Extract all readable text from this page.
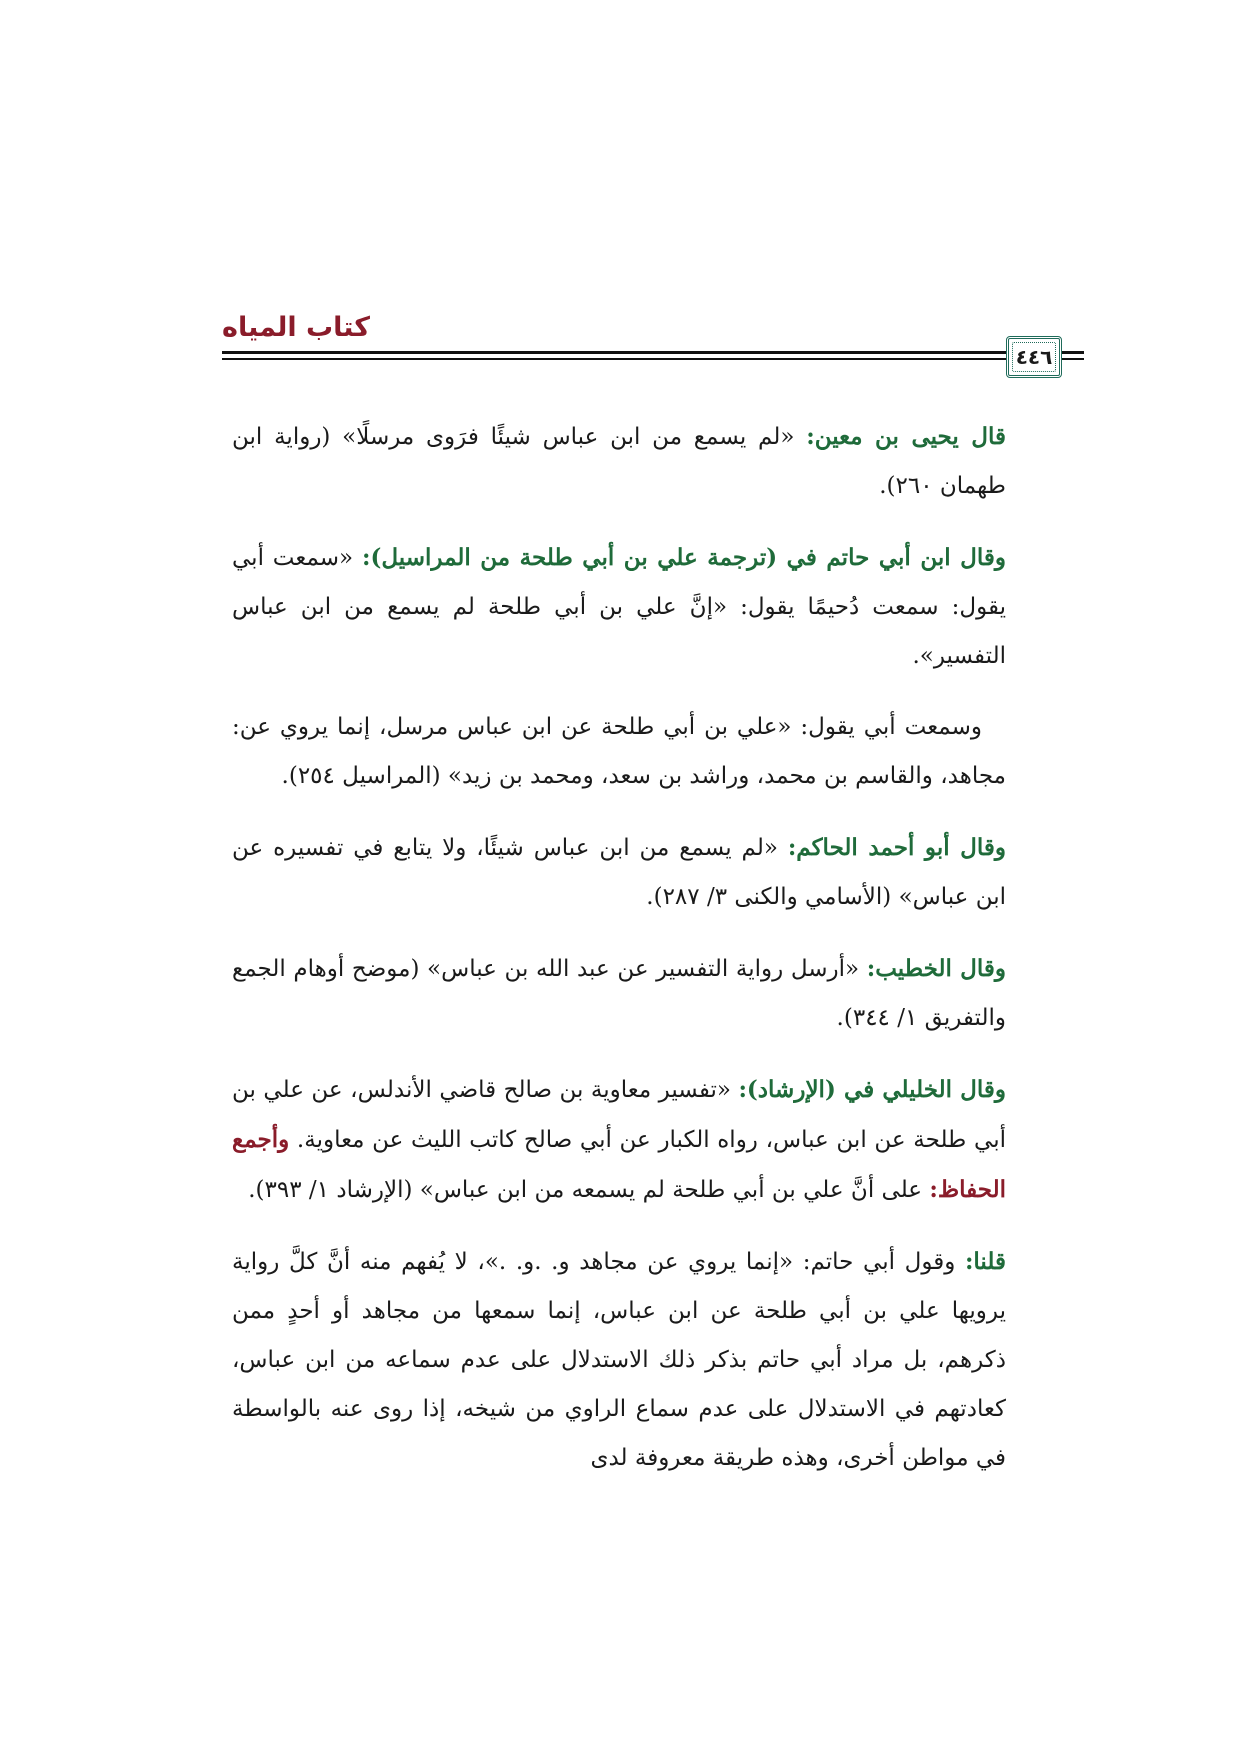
كتاب المياه
٤٤٦

قال يحيى بن معين: «لم يسمع من ابن عباس شيئًا فرَوى مرسلًا» (رواية ابن طهمان ٢٦٠).

وقال ابن أبي حاتم في (ترجمة علي بن أبي طلحة من المراسيل): «سمعت أبي يقول: سمعت دُحيمًا يقول: «إنَّ علي بن أبي طلحة لم يسمع من ابن عباس التفسير».

وسمعت أبي يقول: «علي بن أبي طلحة عن ابن عباس مرسل، إنما يروي عن: مجاهد، والقاسم بن محمد، وراشد بن سعد، ومحمد بن زيد» (المراسيل ٢٥٤).

وقال أبو أحمد الحاكم: «لم يسمع من ابن عباس شيئًا، ولا يتابع في تفسيره عن ابن عباس» (الأسامي والكنى ٣/ ٢٨٧).

وقال الخطيب: «أرسل رواية التفسير عن عبد الله بن عباس» (موضح أوهام الجمع والتفريق ١/ ٣٤٤).

وقال الخليلي في (الإرشاد): «تفسير معاوية بن صالح قاضي الأندلس، عن علي بن أبي طلحة عن ابن عباس، رواه الكبار عن أبي صالح كاتب الليث عن معاوية. وأجمع الحفاظ: على أنَّ علي بن أبي طلحة لم يسمعه من ابن عباس» (الإرشاد ١/ ٣٩٣).

قلنا: وقول أبي حاتم: «إنما يروي عن مجاهد و. .و. .»، لا يُفهم منه أنَّ كلَّ رواية يرويها علي بن أبي طلحة عن ابن عباس، إنما سمعها من مجاهد أو أحدٍ ممن ذكرهم، بل مراد أبي حاتم بذكر ذلك الاستدلال على عدم سماعه من ابن عباس، كعادتهم في الاستدلال على عدم سماع الراوي من شيخه، إذا روى عنه بالواسطة في مواطن أخرى، وهذه طريقة معروفة لدى
